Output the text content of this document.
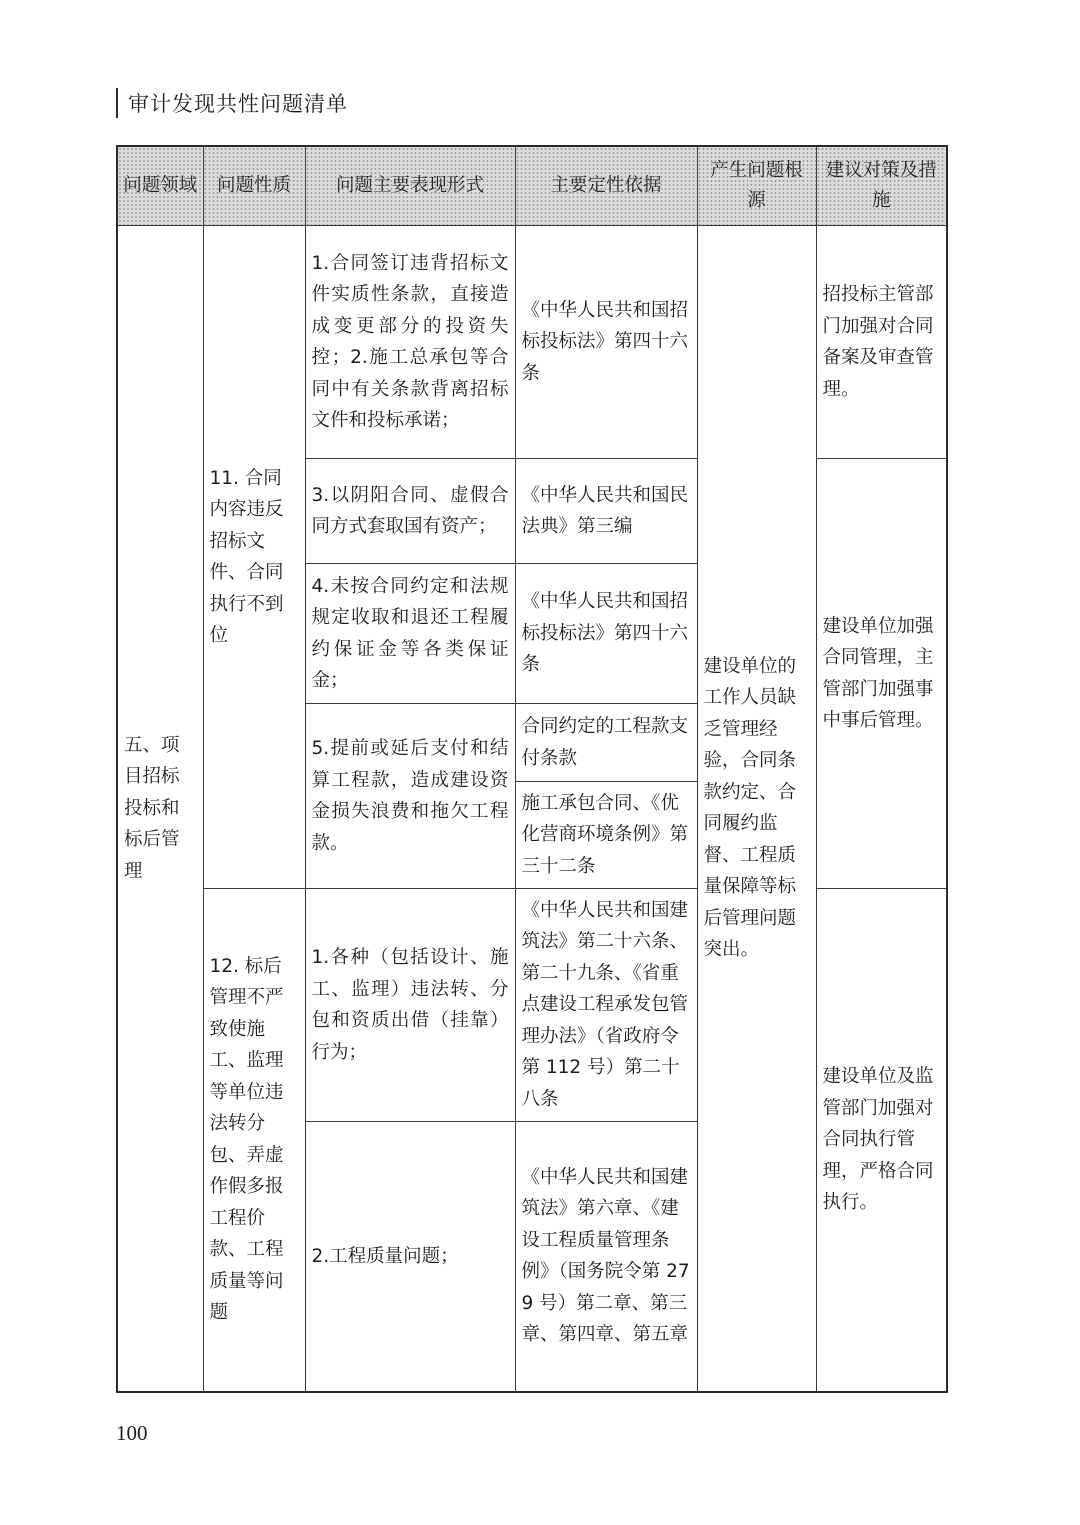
审计发现共性问题清单
问题领域	问题性质	问题主要表现形式	主要定性依据	产生问题根源	建议对策及措施
五、项目招标投标和标后管理	11. 合同内容违反招标文件、合同执行不到位	1.合同签订违背招标文件实质性条款，直接造成变更部分的投资失控；2.施工总承包等合同中有关条款背离招标文件和投标承诺；	《中华人民共和国招标投标法》第四十六条	建设单位的工作人员缺乏管理经验，合同条款约定、合同履约监督、工程质量保障等标后管理问题突出。	招投标主管部门加强对合同备案及审查管理。
		3.以阴阳合同、虚假合同方式套取国有资产；	《中华人民共和国民法典》第三编		建设单位加强合同管理，主管部门加强事中事后管理。
		4.未按合同约定和法规规定收取和退还工程履约保证金等各类保证金；	《中华人民共和国招标投标法》第四十六条		
		5.提前或延后支付和结算工程款，造成建设资金损失浪费和拖欠工程款。	合同约定的工程款支付条款		
			施工承包合同、《优化营商环境条例》第三十二条		
	12. 标后管理不严致使施工、监理等单位违法转分包、弄虚作假多报工程价款、工程质量等问题	1.各种（包括设计、施工、监理）违法转、分包和资质出借（挂靠）行为；	《中华人民共和国建筑法》第二十六条、第二十九条、《省重点建设工程承发包管理办法》（省政府令第 112 号）第二十八条		建设单位及监管部门加强对合同执行管理，严格合同执行。
		2.工程质量问题；	《中华人民共和国建筑法》第六章、《建设工程质量管理条例》（国务院令第 279 号）第二章、第三章、第四章、第五章		
100
